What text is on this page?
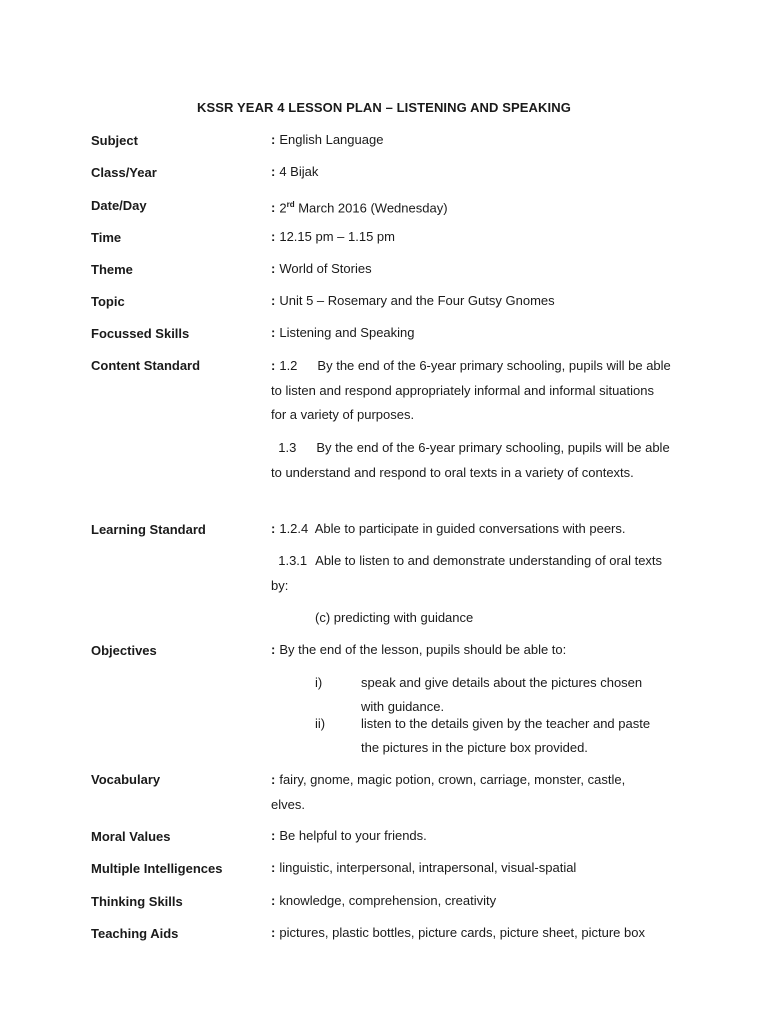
KSSR YEAR 4 LESSON PLAN – LISTENING AND SPEAKING
Subject	: English Language
Class/Year	: 4 Bijak
Date/Day	: 2rd March 2016 (Wednesday)
Time	: 12.15 pm – 1.15 pm
Theme	: World of Stories
Topic	: Unit 5 – Rosemary and the Four Gutsy Gnomes
Focussed Skills	: Listening and Speaking
Content Standard	: 1.2 By the end of the 6-year primary schooling, pupils will be able to listen and respond appropriately informal and informal situations for a variety of purposes.
1.3 By the end of the 6-year primary schooling, pupils will be able to understand and respond to oral texts in a variety of contexts.
Learning Standard	: 1.2.4  Able to participate in guided conversations with peers.
1.3.1 Able to listen to and demonstrate understanding of oral texts by:
(c) predicting with guidance
Objectives	: By the end of the lesson, pupils should be able to:
i)	speak and give details about the pictures chosen
with guidance.
ii)	listen to the details given by the teacher and paste
the pictures in the picture box provided.
Vocabulary	: fairy, gnome, magic potion, crown, carriage, monster, castle, elves.
Moral Values	: Be helpful to your friends.
Multiple Intelligences	: linguistic, interpersonal, intrapersonal, visual-spatial
Thinking Skills	: knowledge, comprehension, creativity
Teaching Aids	: pictures, plastic bottles, picture cards, picture sheet, picture box
